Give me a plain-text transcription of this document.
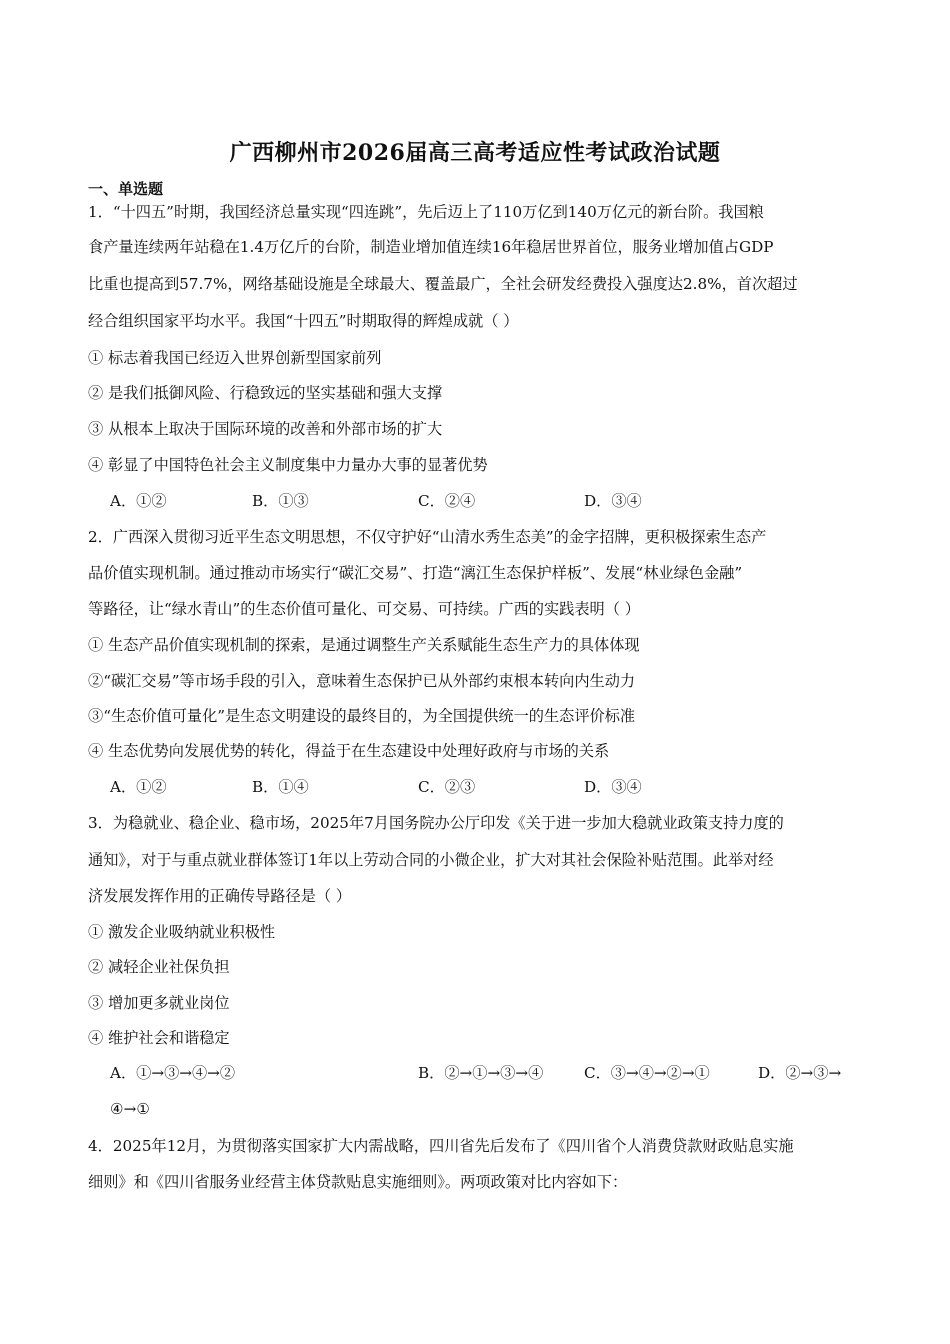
广西柳州市2026届高三高考适应性考试政治试题
一、单选题
1．“十四五”时期，我国经济总量实现“四连跳”，先后迈上了110万亿到140万亿元的新台阶。我国粮
食产量连续两年站稳在1.4万亿斤的台阶，制造业增加值连续16年稳居世界首位，服务业增加值占GDP
比重也提高到57.7%，网络基础设施是全球最大、覆盖最广，全社会研发经费投入强度达2.8%，首次超过
经合组织国家平均水平。我国“十四五”时期取得的辉煌成就（ ）
① 标志着我国已经迈入世界创新型国家前列
② 是我们抵御风险、行稳致远的坚实基础和强大支撑
③ 从根本上取决于国际环境的改善和外部市场的扩大
④ 彰显了中国特色社会主义制度集中力量办大事的显著优势
A．①②	B．①③	C．②④	D．③④
2．广西深入贯彻习近平生态文明思想，不仅守护好“山清水秀生态美”的金字招牌，更积极探索生态产
品价值实现机制。通过推动市场实行“碳汇交易”、打造“漓江生态保护样板”、发展“林业绿色金融”
等路径，让“绿水青山”的生态价值可量化、可交易、可持续。广西的实践表明（ ）
① 生态产品价值实现机制的探索，是通过调整生产关系赋能生态生产力的具体体现
②“碳汇交易”等市场手段的引入，意味着生态保护已从外部约束根本转向内生动力
③“生态价值可量化”是生态文明建设的最终目的，为全国提供统一的生态评价标准
④ 生态优势向发展优势的转化，得益于在生态建设中处理好政府与市场的关系
A．①②	B．①④	C．②③	D．③④
3．为稳就业、稳企业、稳市场，2025年7月国务院办公厅印发《关于进一步加大稳就业政策支持力度的
通知》，对于与重点就业群体签订1年以上劳动合同的小微企业，扩大对其社会保险补贴范围。此举对经
济发展发挥作用的正确传导路径是（ ）
① 激发企业吸纳就业积极性
② 减轻企业社保负担
③ 增加更多就业岗位
④ 维护社会和谐稳定
A．①→③→④→②	B．②→①→③→④	C．③→④→②→①	D．②→③→
④→①
4．2025年12月，为贯彻落实国家扩大内需战略，四川省先后发布了《四川省个人消费贷款财政贴息实施
细则》和《四川省服务业经营主体贷款贴息实施细则》。两项政策对比内容如下：
